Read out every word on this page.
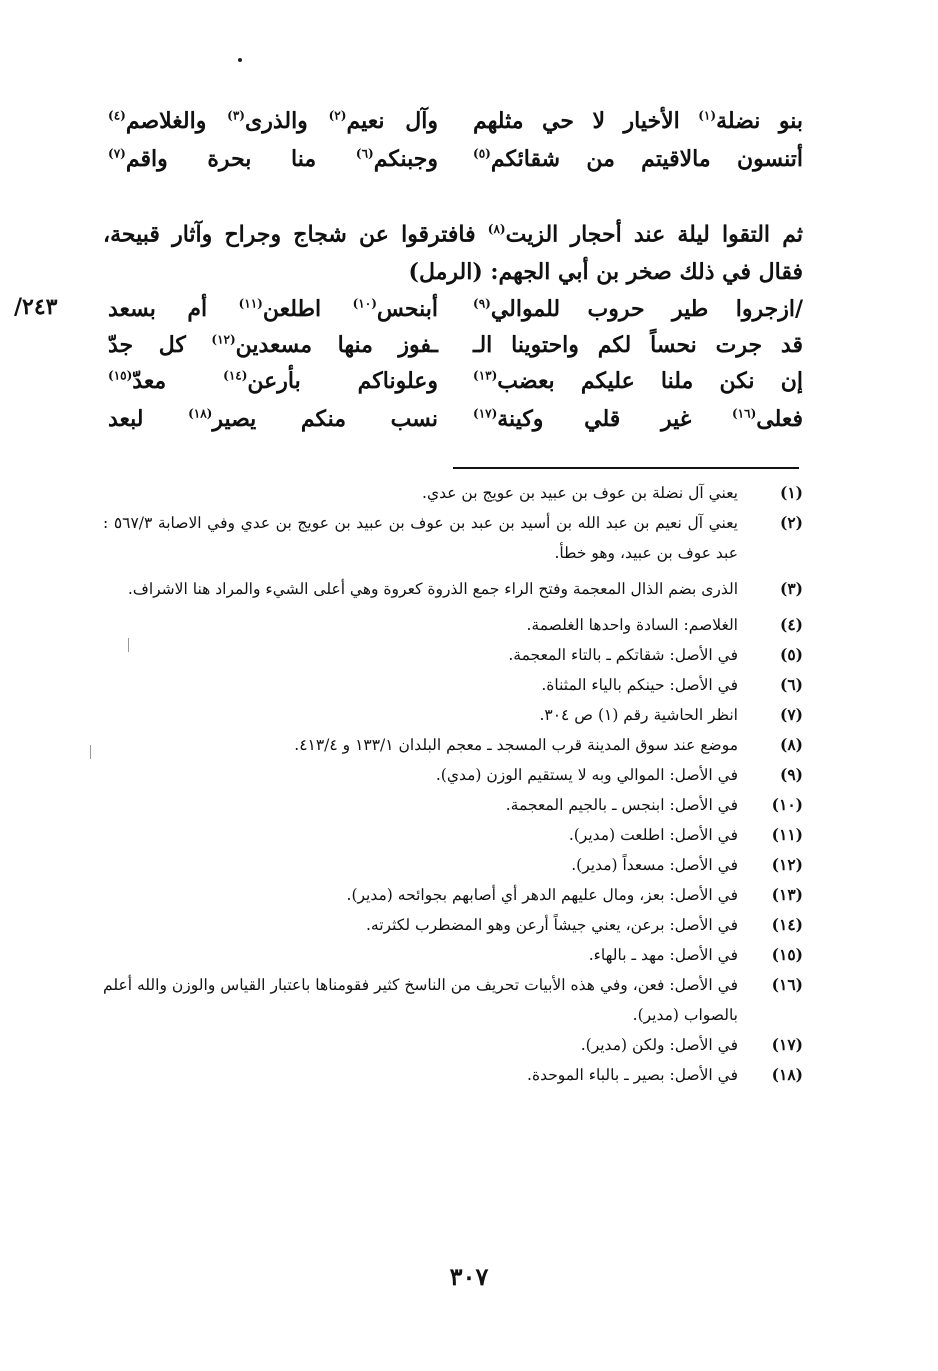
بنو نضلة$^{(١)}$ الأخيار لا حي مثلهم
وآل نعيم$^{(٢)}$ والذرى$^{(٣)}$ والغلاصم$^{(٤)}$
أتنسون مالاقيتم من شقائكم$^{(٥)}$
وجبنكم$^{(٦)}$ منا بحرة واقم$^{(٧)}$
ثم التقوا ليلة عند أحجار الزيت$^{(٨)}$ فافترقوا عن شجاج وجراح وآثار قبيحة، فقال في ذلك صخر بن أبي الجهم: (الرمل)
/٢٤٣	/ازجروا طير حروب للموالي$^{(٩)}$
أبنحس$^{(١٠)}$ اطلعن$^{(١١)}$ أم بسعد
قد جرت نحساً لكم واحتوينا الـ
ـفوز منها مسعدين$^{(١٢)}$ كل جدّ
إن نكن ملنا عليكم بعضب$^{(١٣)}$
وعلوناكم بأرعن$^{(١٤)}$ معدّ$^{(١٥)}$
فعلى$^{(١٦)}$ غير قلي وكينة$^{(١٧)}$
نسب منكم يصير$^{(١٨)}$ لبعد
(١)
يعني آل نضلة بن عوف بن عبيد بن عويج بن عدي.
(٢)
يعني آل نعيم بن عبد الله بن أسيد بن عبد بن عوف بن عبيد بن عويج بن عدي وفي الاصابة ٥٦٧/٣ : عبد عوف بن عبيد، وهو خطأ.
(٣)
الذرى بضم الذال المعجمة وفتح الراء جمع الذروة كعروة وهي أعلى الشيء والمراد هنا الاشراف.
(٤)
الغلاصم: السادة واحدها الغلصمة.
(٥)
في الأصل: شقاتكم ـ بالتاء المعجمة.
(٦)
في الأصل: حينكم بالياء المثناة.
(٧)
انظر الحاشية رقم (١) ص ٣٠٤.
(٨)
موضع عند سوق المدينة قرب المسجد ـ معجم البلدان ١٣٣/١ و ٤١٣/٤.
(٩)
في الأصل: الموالي وبه لا يستقيم الوزن (مدي).
(١٠)
في الأصل: ابنجس ـ بالجيم المعجمة.
(١١)
في الأصل: اطلعت (مدير).
(١٢)
في الأصل: مسعداً (مدير).
(١٣)
في الأصل: بعز، ومال عليهم الدهر أي أصابهم بجوائحه (مدير).
(١٤)
في الأصل: برعن، يعني جيشاً أرعن وهو المضطرب لكثرته.
(١٥)
في الأصل: مهد ـ بالهاء.
(١٦)
في الأصل: فعن، وفي هذه الأبيات تحريف من الناسخ كثير فقومناها باعتبار القياس والوزن والله أعلم بالصواب (مدير).
(١٧)
في الأصل: ولكن (مدير).
(١٨)
في الأصل: بصير ـ بالباء الموحدة.
٣٠٧
